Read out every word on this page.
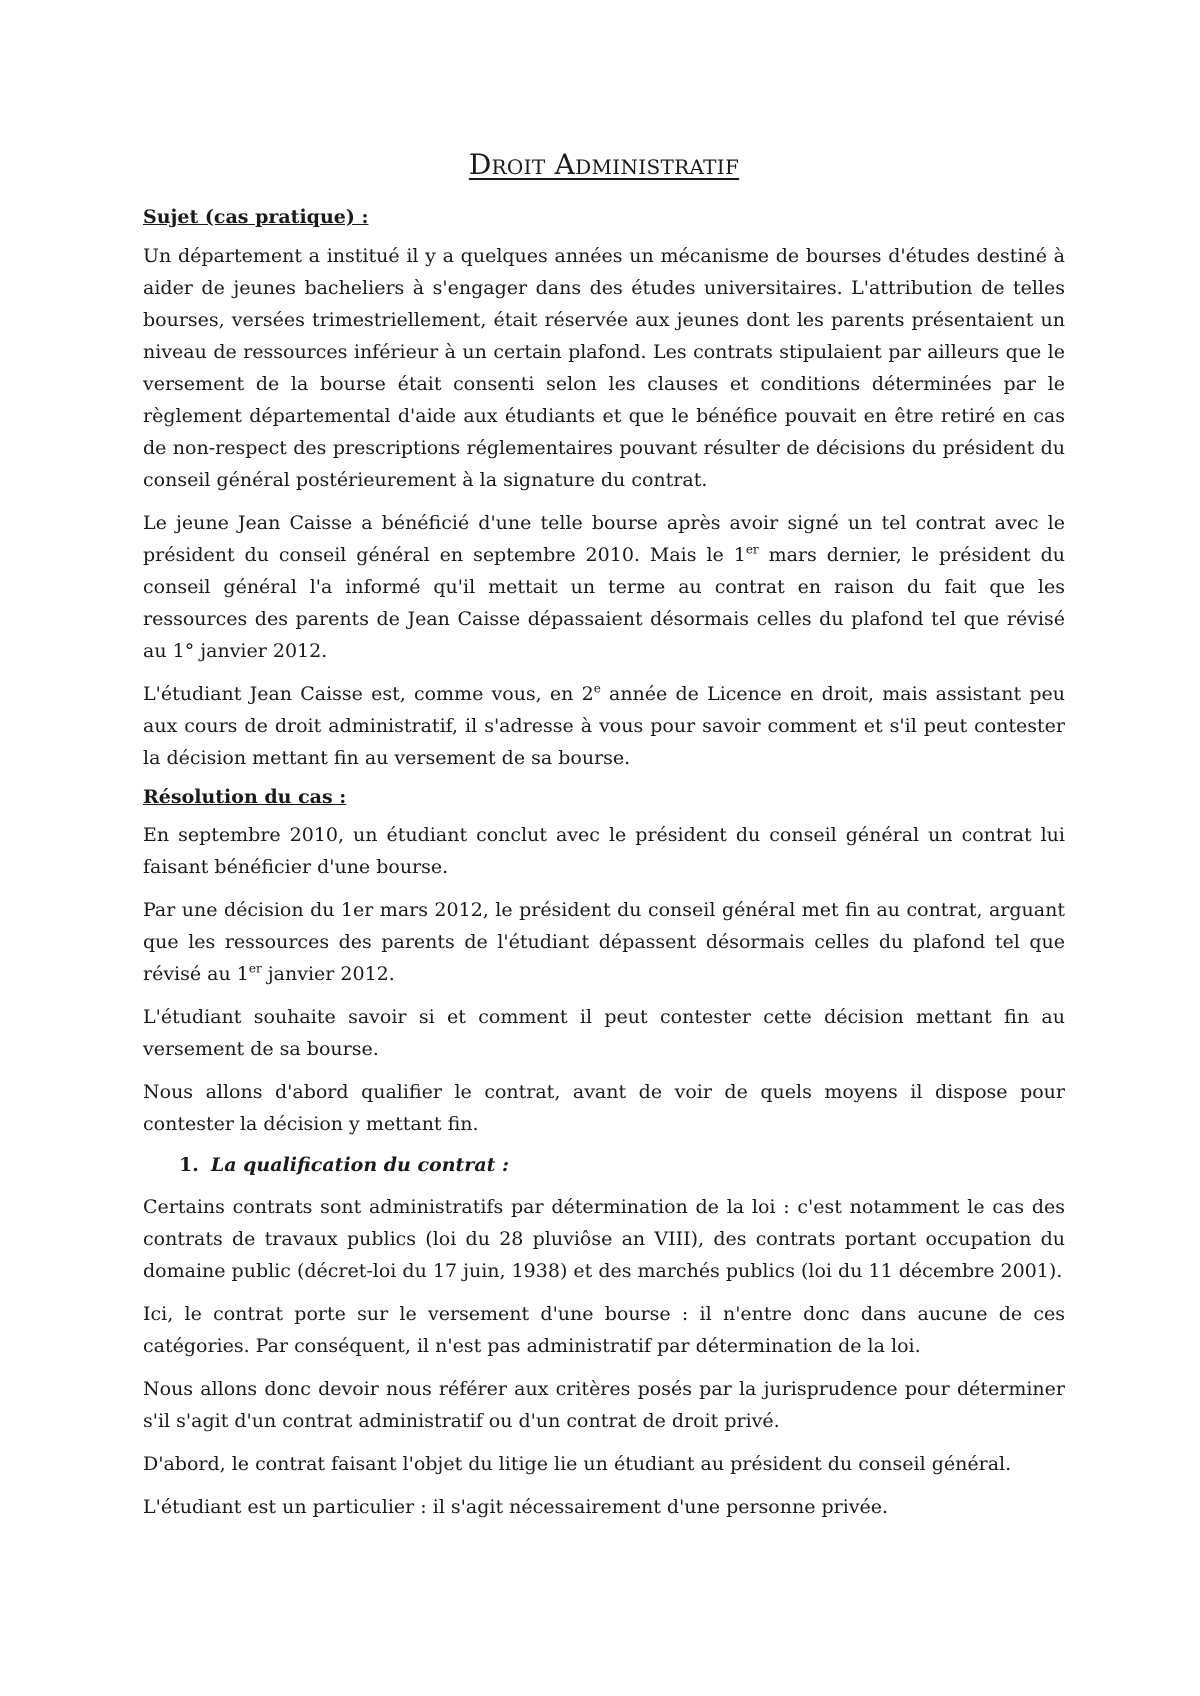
Droit Administratif
Sujet (cas pratique) :

Un département a institué il y a quelques années un mécanisme de bourses d'études destiné à aider de jeunes bacheliers à s'engager dans des études universitaires. L'attribution de telles bourses, versées trimestriellement, était réservée aux jeunes dont les parents présentaient un niveau de ressources inférieur à un certain plafond. Les contrats stipulaient par ailleurs que le versement de la bourse était consenti selon les clauses et conditions déterminées par le règlement départemental d'aide aux étudiants et que le bénéfice pouvait en être retiré en cas de non-respect des prescriptions réglementaires pouvant résulter de décisions du président du conseil général postérieurement à la signature du contrat.

Le jeune Jean Caisse a bénéficié d'une telle bourse après avoir signé un tel contrat avec le président du conseil général en septembre 2010. Mais le 1er mars dernier, le président du conseil général l'a informé qu'il mettait un terme au contrat en raison du fait que les ressources des parents de Jean Caisse dépassaient désormais celles du plafond tel que révisé au 1° janvier 2012.

L'étudiant Jean Caisse est, comme vous, en 2e année de Licence en droit, mais assistant peu aux cours de droit administratif, il s'adresse à vous pour savoir comment et s'il peut contester la décision mettant fin au versement de sa bourse.

Résolution du cas :

En septembre 2010, un étudiant conclut avec le président du conseil général un contrat lui faisant bénéficier d'une bourse.

Par une décision du 1er mars 2012, le président du conseil général met fin au contrat, arguant que les ressources des parents de l'étudiant dépassent désormais celles du plafond tel que révisé au 1er janvier 2012.

L'étudiant souhaite savoir si et comment il peut contester cette décision mettant fin au versement de sa bourse.

Nous allons d'abord qualifier le contrat, avant de voir de quels moyens il dispose pour contester la décision y mettant fin.

1. La qualification du contrat :

Certains contrats sont administratifs par détermination de la loi : c'est notamment le cas des contrats de travaux publics (loi du 28 pluviôse an VIII), des contrats portant occupation du domaine public (décret-loi du 17 juin, 1938) et des marchés publics (loi du 11 décembre 2001).

Ici, le contrat porte sur le versement d'une bourse : il n'entre donc dans aucune de ces catégories. Par conséquent, il n'est pas administratif par détermination de la loi.

Nous allons donc devoir nous référer aux critères posés par la jurisprudence pour déterminer s'il s'agit d'un contrat administratif ou d'un contrat de droit privé.

D'abord, le contrat faisant l'objet du litige lie un étudiant au président du conseil général.

L'étudiant est un particulier : il s'agit nécessairement d'une personne privée.
